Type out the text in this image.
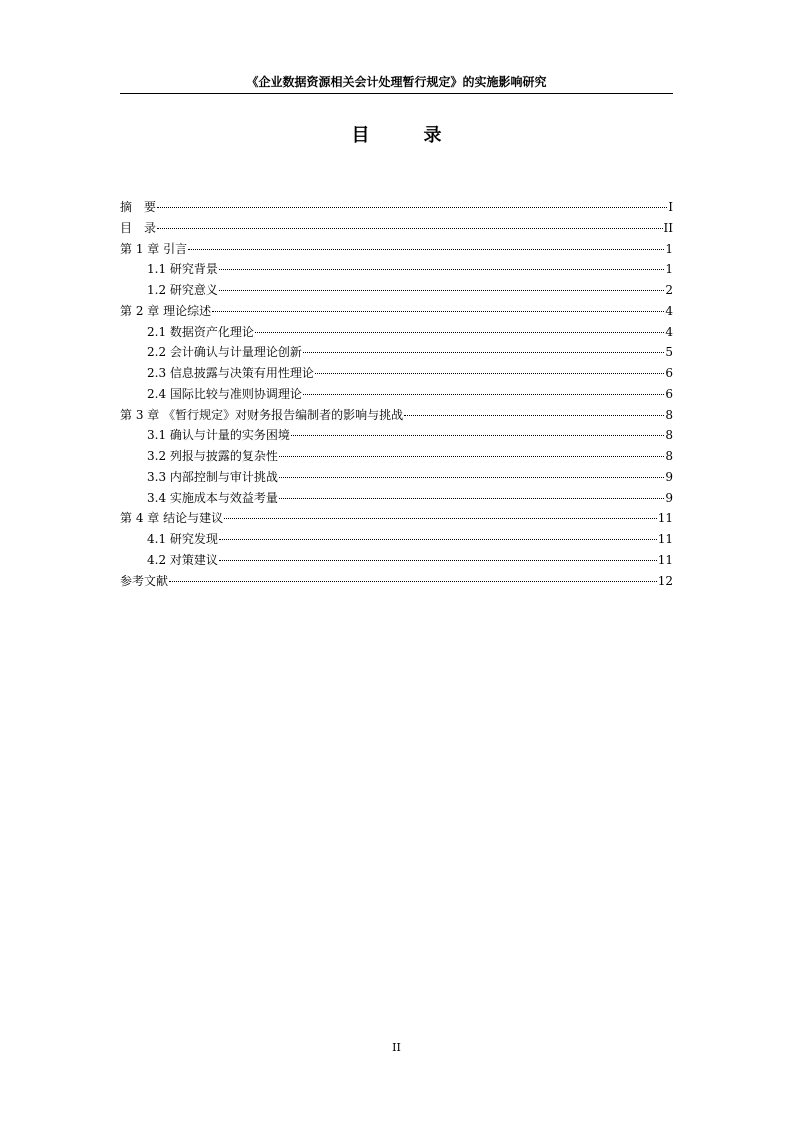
《企业数据资源相关会计处理暂行规定》的实施影响研究
目　录
摘　要	I
目　录	II
第 1 章 引言	1
1.1 研究背景	1
1.2 研究意义	2
第 2 章 理论综述	4
2.1 数据资产化理论	4
2.2 会计确认与计量理论创新	5
2.3 信息披露与决策有用性理论	6
2.4 国际比较与准则协调理论	6
第 3 章 《暂行规定》对财务报告编制者的影响与挑战	8
3.1 确认与计量的实务困境	8
3.2 列报与披露的复杂性	8
3.3 内部控制与审计挑战	9
3.4 实施成本与效益考量	9
第 4 章 结论与建议	11
4.1 研究发现	11
4.2 对策建议	11
参考文献	12
II
